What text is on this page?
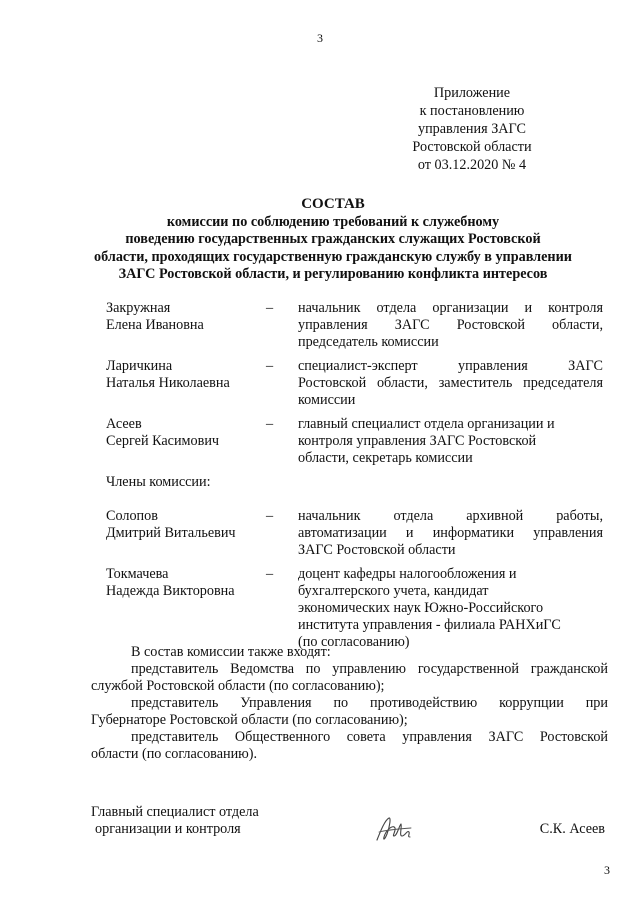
3
Приложение
к постановлению
управления ЗАГС
Ростовской области
от 03.12.2020 № 4
СОСТАВ
комиссии по соблюдению требований к служебному
поведению государственных гражданских служащих Ростовской
области, проходящих государственную гражданскую службу в управлении
ЗАГС Ростовской области, и регулированию конфликта интересов
Закружная
Елена Ивановна
–	начальник отдела организации и контроля
управления ЗАГС Ростовской области,
председатель комиссии
Ларичкина
Наталья Николаевна
–	специалист-эксперт управления ЗАГС
Ростовской области, заместитель председателя
комиссии
Асеев
Сергей Касимович
–	главный специалист отдела организации и
контроля управления ЗАГС Ростовской
области, секретарь комиссии
Члены комиссии:
Солопов
Дмитрий Витальевич
–	начальник отдела архивной работы,
автоматизации и информатики управления
ЗАГС Ростовской области
Токмачева
Надежда Викторовна
–	доцент кафедры налогообложения и
бухгалтерского учета, кандидат
экономических наук Южно-Российского
института управления - филиала РАНХиГС
(по согласованию)
В состав комиссии также входят:
представитель Ведомства по управлению государственной гражданской
службой Ростовской области (по согласованию);
представитель Управления по противодействию коррупции при
Губернаторе Ростовской области (по согласованию);
представитель Общественного совета управления ЗАГС Ростовской
области (по согласованию).
Главный специалист отдела
организации и контроля	С.К. Асеев
3
